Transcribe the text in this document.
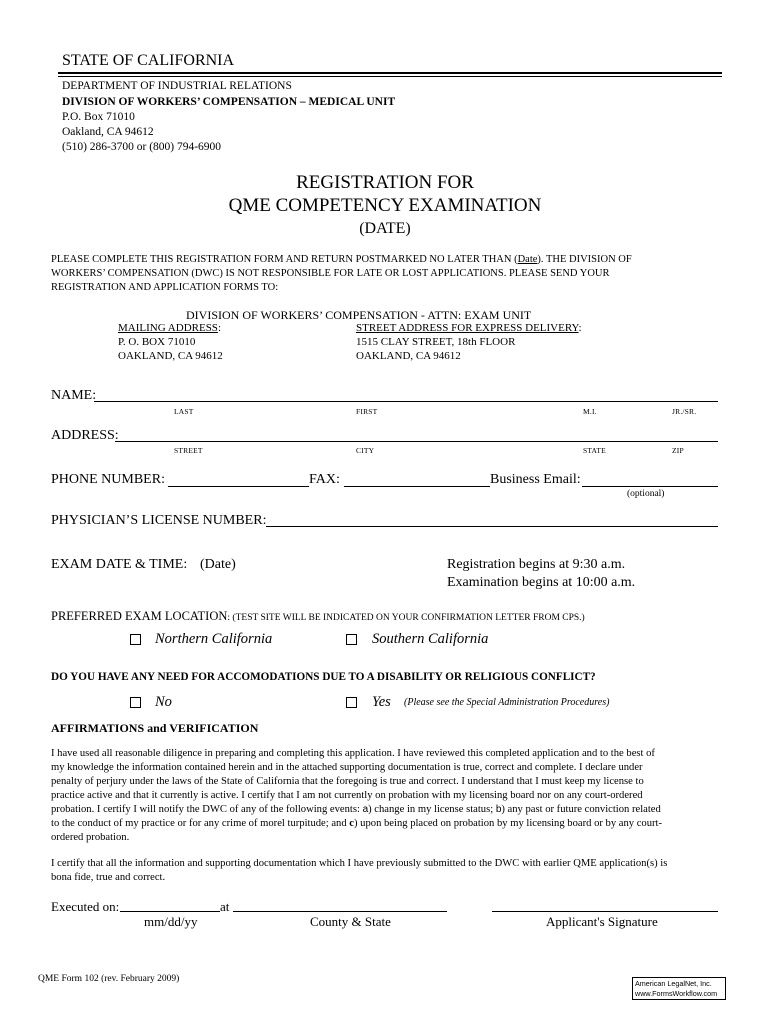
STATE OF CALIFORNIA
DEPARTMENT OF INDUSTRIAL RELATIONS
DIVISION OF WORKERS’ COMPENSATION – MEDICAL UNIT
P.O. Box 71010
Oakland, CA 94612
(510) 286-3700 or (800) 794-6900
REGISTRATION FOR
QME COMPETENCY EXAMINATION
(DATE)
PLEASE COMPLETE THIS REGISTRATION FORM AND RETURN POSTMARKED NO LATER THAN (Date). THE DIVISION OF
WORKERS’ COMPENSATION (DWC) IS NOT RESPONSIBLE FOR LATE OR LOST APPLICATIONS. PLEASE SEND YOUR
REGISTRATION AND APPLICATION FORMS TO:
DIVISION OF WORKERS’ COMPENSATION - ATTN: EXAM UNIT
MAILING ADDRESS:
P. O. BOX 71010
OAKLAND, CA 94612
STREET ADDRESS FOR EXPRESS DELIVERY:
1515 CLAY STREET, 18th FLOOR
OAKLAND, CA 94612
NAME:
LAST	FIRST	M.I.	JR./SR.
ADDRESS:
STREET	CITY	STATE	ZIP
PHONE NUMBER:	FAX:	Business Email:
(optional)
PHYSICIAN’S LICENSE NUMBER:
EXAM DATE & TIME: (Date)	Registration begins at 9:30 a.m.
Examination begins at 10:00 a.m.
PREFERRED EXAM LOCATION: (TEST SITE WILL BE INDICATED ON YOUR CONFIRMATION LETTER FROM CPS.)
Northern California	Southern California
DO YOU HAVE ANY NEED FOR ACCOMODATIONS DUE TO A DISABILITY OR RELIGIOUS CONFLICT?
No	Yes (Please see the Special Administration Procedures)
AFFIRMATIONS and VERIFICATION
I have used all reasonable diligence in preparing and completing this application. I have reviewed this completed application and to the best of
my knowledge the information contained herein and in the attached supporting documentation is true, correct and complete. I declare under
penalty of perjury under the laws of the State of California that the foregoing is true and correct. I understand that I must keep my license to
practice active and that it currently is active. I certify that I am not currently on probation with my licensing board nor on any court-ordered
probation. I certify I will notify the DWC of any of the following events: a) change in my license status; b) any past or future conviction related
to the conduct of my practice or for any crime of morel turpitude; and c) upon being placed on probation by my licensing board or by any court-
ordered probation.
I certify that all the information and supporting documentation which I have previously submitted to the DWC with earlier QME application(s) is
bona fide, true and correct.
Executed on:	at
mm/dd/yy	County & State	Applicant's Signature
QME Form 102 (rev. February 2009)	American LegalNet, Inc.
www.FormsWorkflow.com
